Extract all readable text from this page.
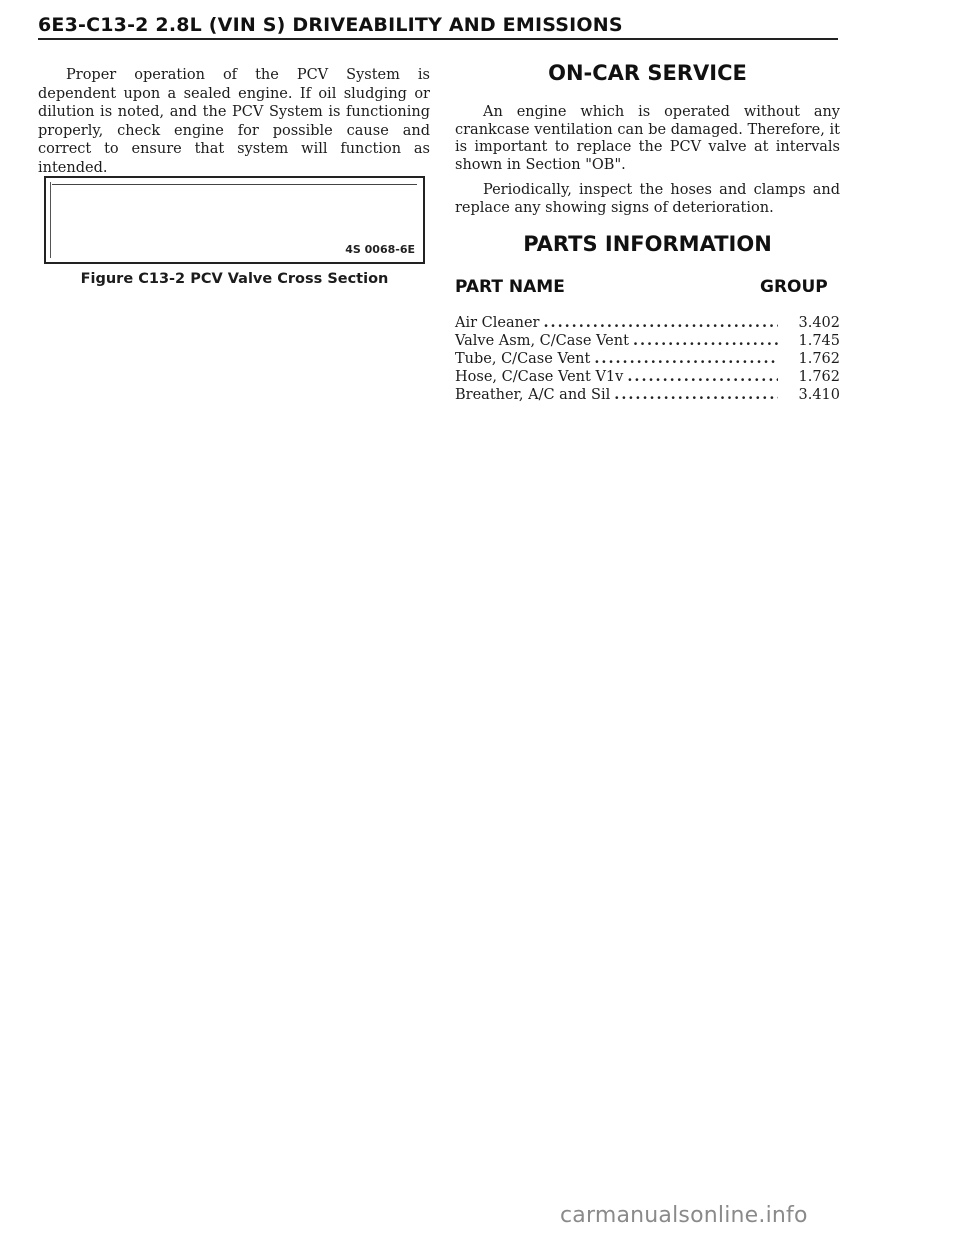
6E3-C13-2 2.8L (VIN S) DRIVEABILITY AND EMISSIONS

Proper operation of the PCV System is dependent upon a sealed engine. If oil sludging or dilution is noted, and the PCV System is functioning properly, check engine for possible cause and correct to ensure that system will function as intended.

4S 0068-6E
Figure C13-2 PCV Valve Cross Section
ON-CAR SERVICE

An engine which is operated without any crankcase ventilation can be damaged. Therefore, it is important to replace the PCV valve at intervals shown in Section "OB".

Periodically, inspect the hoses and clamps and replace any showing signs of deterioration.

PARTS INFORMATION
PART NAME	GROUP
Air Cleaner .....	3.402
Valve Asm, C/Case Vent .....	1.745
Tube, C/Case Vent .....	1.762
Hose, C/Case Vent V1v .....	1.762
Breather, A/C and Sil .....	3.410
carmanualsonline.info
